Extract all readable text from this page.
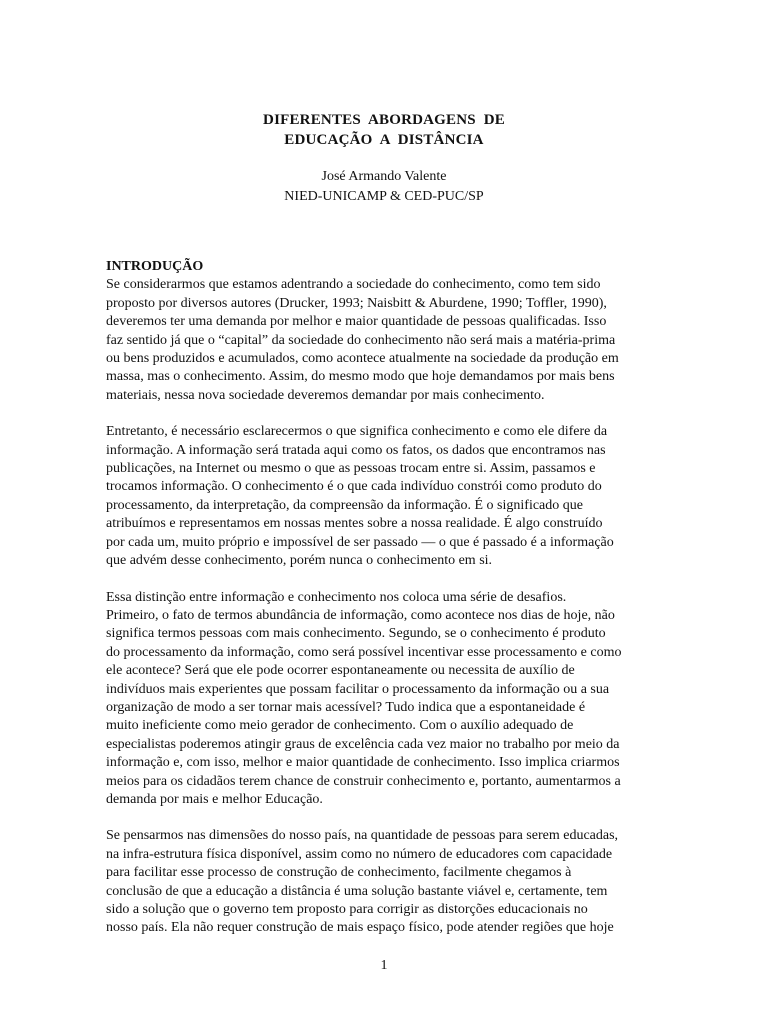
DIFERENTES  ABORDAGENS  DE
EDUCAÇÃO  A  DISTÂNCIA
José Armando Valente
NIED-UNICAMP & CED-PUC/SP
INTRODUÇÃO
Se considerarmos que estamos adentrando a sociedade do conhecimento, como tem sido
proposto por diversos autores (Drucker, 1993; Naisbitt & Aburdene, 1990; Toffler, 1990),
deveremos ter uma demanda por melhor e maior quantidade de pessoas qualificadas. Isso
faz sentido já que o “capital” da sociedade do conhecimento não será mais a matéria-prima
ou bens produzidos e acumulados, como acontece atualmente na sociedade da produção em
massa, mas o conhecimento. Assim, do mesmo modo que hoje demandamos por mais bens
materiais, nessa nova sociedade deveremos demandar por mais conhecimento.
Entretanto, é necessário esclarecermos o que significa conhecimento e como ele difere da
informação. A informação será tratada aqui como os fatos, os dados que encontramos nas
publicações, na Internet ou mesmo o que as pessoas trocam entre si. Assim, passamos e
trocamos informação. O conhecimento é o que cada indivíduo constrói como produto do
processamento, da interpretação, da compreensão da informação. É o significado que
atribuímos e representamos em nossas mentes sobre a nossa realidade. É algo construído
por cada um, muito próprio e impossível de ser passado — o que é passado é a informação
que advém desse conhecimento, porém nunca o conhecimento em si.
Essa distinção entre informação e conhecimento nos coloca uma série de desafios.
Primeiro, o fato de termos abundância de informação, como acontece nos dias de hoje, não
significa termos pessoas com mais conhecimento. Segundo, se o conhecimento é produto
do processamento da informação, como será possível incentivar esse processamento e como
ele acontece? Será que ele pode ocorrer espontaneamente ou necessita de auxílio de
indivíduos mais experientes que possam facilitar o processamento da informação ou a sua
organização de modo a ser tornar mais acessível? Tudo indica que a espontaneidade é
muito ineficiente como meio gerador de conhecimento. Com o auxílio adequado de
especialistas poderemos atingir graus de excelência cada vez maior no trabalho por meio da
informação e, com isso, melhor e maior quantidade de conhecimento. Isso implica criarmos
meios para os cidadãos terem chance de construir conhecimento e, portanto, aumentarmos a
demanda por mais e melhor Educação.
Se pensarmos nas dimensões do nosso país, na quantidade de pessoas para serem educadas,
na infra-estrutura física disponível, assim como no número de educadores com capacidade
para facilitar esse processo de construção de conhecimento, facilmente chegamos à
conclusão de que a educação a distância é uma solução bastante viável e, certamente, tem
sido a solução que o governo tem proposto para corrigir as distorções educacionais no
nosso país. Ela não requer construção de mais espaço físico, pode atender regiões que hoje
1
